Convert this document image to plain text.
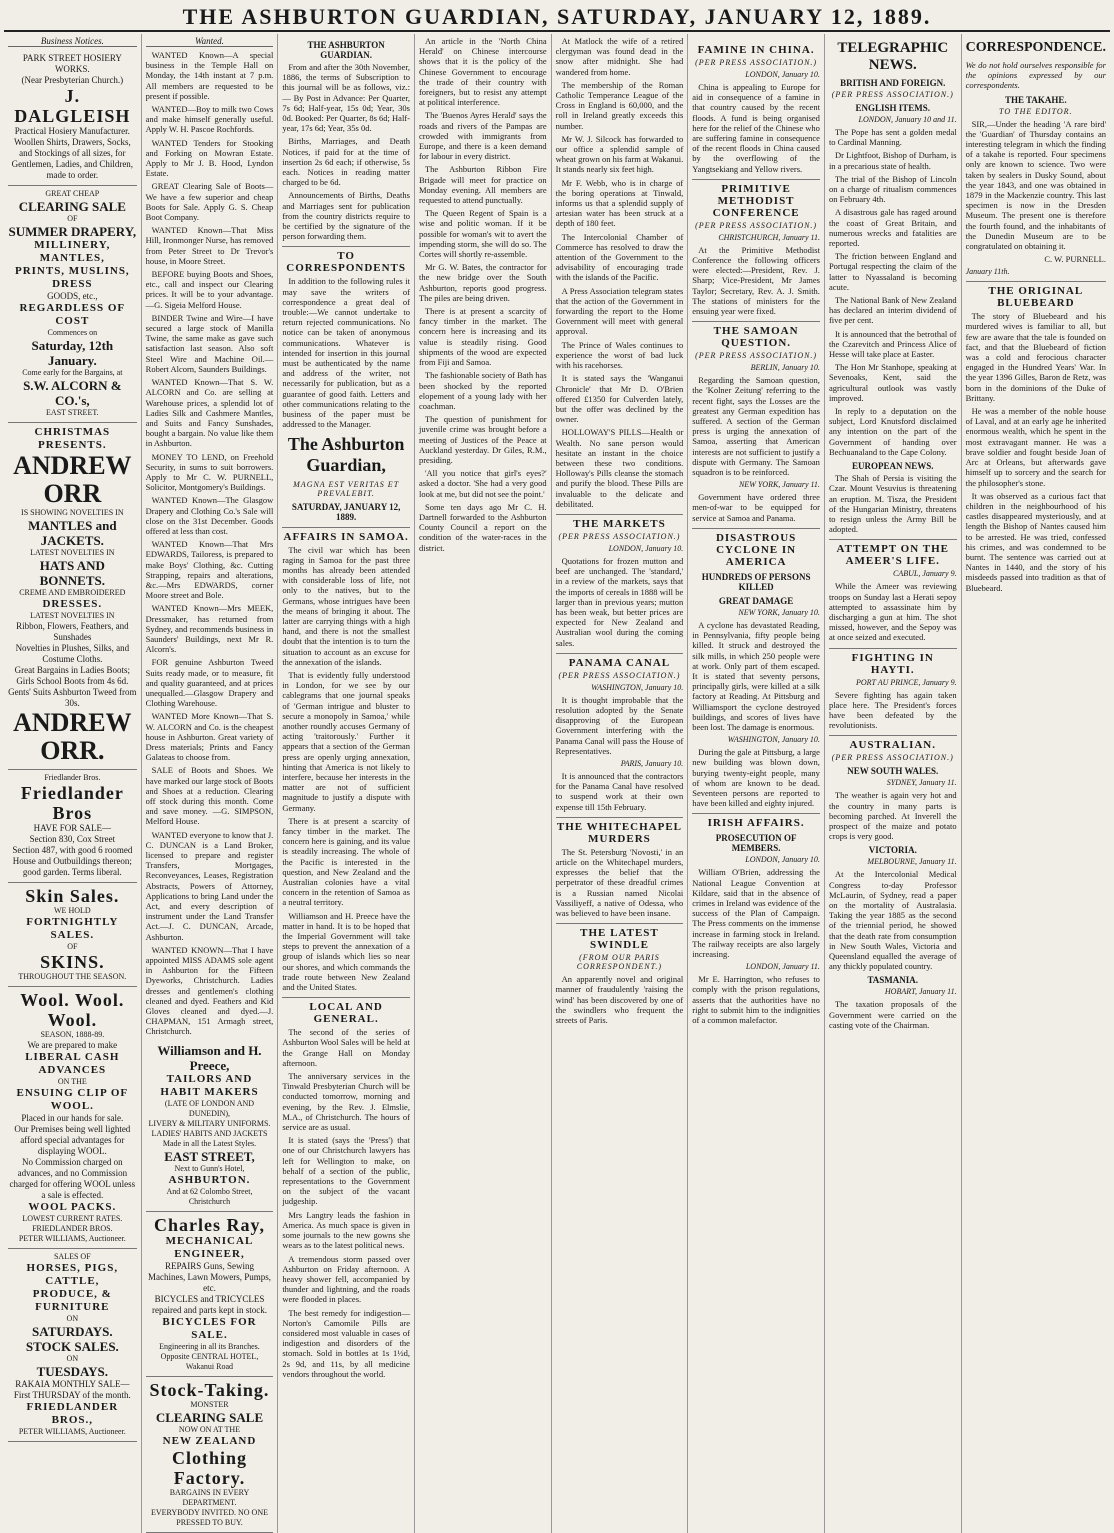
THE ASHBURTON GUARDIAN, SATURDAY, JANUARY 12, 1889.
Business Notices.
PARK STREET HOSIERY WORKS.
(Near Presbyterian Church.)
J. DALGLEISH
Practical Hosiery Manufacturer.
Woollen Shirts, Drawers, Socks, and Stockings of all sizes, for Gentlemen, Ladies, and Children, made to order.
GREAT CHEAP
CLEARING SALE
OF
SUMMER DRAPERY,
MILLINERY, MANTLES,
PRINTS, MUSLINS, DRESS
GOODS, etc.,
REGARDLESS OF COST
Commences on
Saturday, 12th January.
Come early for the Bargains, at
S.W. ALCORN & CO.'s,
EAST STREET.
CHRISTMAS PRESENTS.
ANDREW ORR
IS SHOWING NOVELTIES IN
MANTLES and JACKETS.
LATEST NOVELTIES IN
HATS AND BONNETS.
CREME AND EMBROIDERED
DRESSES.
LATEST NOVELTIES IN
Ribbon, Flowers, Feathers, and Sunshades
Novelties in Plushes, Silks, and Costume Cloths.
Great Bargains in Ladies Boots; Girls School Boots from 4s 6d.
Gents' Suits Ashburton Tweed from 30s.
ANDREW ORR.
Friedlander Bros.
Friedlander Bros
HAVE FOR SALE—
Section 830, Cox Street
Section 487, with good 6 roomed House and Outbuildings thereon; good garden. Terms liberal.
Skin Sales.
WE HOLD
FORTNIGHTLY SALES.
OF
SKINS.
THROUGHOUT THE SEASON.
Wool. Wool. Wool.
SEASON, 1888-89.
We are prepared to make
LIBERAL CASH ADVANCES
ON THE
ENSUING CLIP OF WOOL.
Placed in our hands for sale.
Our Premises being well lighted afford special advantages for displaying WOOL.
No Commission charged on advances, and no Commission charged for offering WOOL unless a sale is effected.
WOOL PACKS.
LOWEST CURRENT RATES.
FRIEDLANDER BROS.
PETER WILLIAMS, Auctioneer.
SALES OF
HORSES, PIGS, CATTLE,
PRODUCE, & FURNITURE
ON
SATURDAYS.
STOCK SALES.
ON
TUESDAYS.
RAKAIA MONTHLY SALE—First THURSDAY of the month.
FRIEDLANDER BROS.,
PETER WILLIAMS, Auctioneer.
Wanted.

WANTED Known—A special business in the Temple Hall on Monday, the 14th instant at 7 p.m. All members are requested to be present if possible.

WANTED—Boy to milk two Cows and make himself generally useful. Apply W. H. Pascoe Rochfords.

WANTED Tenders for Stooking and Forking on Mowran Estate. Apply to Mr J. B. Hood, Lyndon Estate.

GREAT Clearing Sale of Boots—We have a few superior and cheap Boots for Sale. Apply G. S. Cheap Boot Company.

WANTED Known—That Miss Hill, Ironmonger Nurse, has removed from Peter Street to Dr Trevor's house, in Moore Street.

BEFORE buying Boots and Shoes, etc., call and inspect our Clearing prices. It will be to your advantage.—G. Sigeia Melford House.

BINDER Twine and Wire—I have secured a large stock of Manilla Twine, the same make as gave such satisfaction last season. Also soft Steel Wire and Machine Oil.—Robert Alcorn, Saunders Buildings.

WANTED Known—That S. W. ALCORN and Co. are selling at Warehouse prices, a splendid lot of Ladies Silk and Cashmere Mantles, and Suits and Fancy Sunshades, bought a bargain. No value like them in Ashburton.

MONEY TO LEND, on Freehold Security, in sums to suit borrowers. Apply to Mr C. W. PURNELL, Solicitor, Montgomery's Buildings.

WANTED Known—The Glasgow Drapery and Clothing Co.'s Sale will close on the 31st December. Goods offered at less than cost.

WANTED Known—That Mrs EDWARDS, Tailoress, is prepared to make Boys' Clothing, &c. Cutting Strapping, repairs and alterations, &c.—Mrs EDWARDS, corner Moore street and Bole.

WANTED Known—Mrs MEEK, Dressmaker, has returned from Sydney, and recommends business in Saunders' Buildings, next Mr R. Alcorn's.

FOR genuine Ashburton Tweed Suits ready made, or to measure, fit and quality guaranteed, and at prices unequalled.—Glasgow Drapery and Clothing Warehouse.

WANTED More Known—That S. W. ALCORN and Co. is the cheapest house in Ashburton. Great variety of Dress materials; Prints and Fancy Galateas to choose from.

SALE of Boots and Shoes. We have marked our large stock of Boots and Shoes at a reduction. Clearing off stock during this month. Come and save money. —G. SIMPSON, Melford House.

WANTED everyone to know that J. C. DUNCAN is a Land Broker, licensed to prepare and register Transfers, Mortgages, Reconveyances, Leases, Registration Abstracts, Powers of Attorney, Applications to bring Land under the Act, and every description of instrument under the Land Transfer Act.—J. C. DUNCAN, Arcade, Ashburton.

WANTED KNOWN—That I have appointed MISS ADAMS sole agent in Ashburton for the Fifteen Dyeworks, Christchurch. Ladies dresses and gentlemen's clothing cleaned and dyed. Feathers and Kid Gloves cleaned and dyed.—J. CHAPMAN, 151 Armagh street, Christchurch.

Williamson and H. Preece,
TAILORS AND HABIT MAKERS
(LATE OF LONDON AND DUNEDIN),
LIVERY & MILITARY UNIFORMS.
LADIES' HABITS AND JACKETS
Made in all the Latest Styles.
EAST STREET,
Next to Gunn's Hotel,
ASHBURTON.
And at 62 Colombo Street, Christchurch
Charles Ray,
MECHANICAL ENGINEER,
REPAIRS Guns, Sewing Machines, Lawn Mowers, Pumps, etc.
BICYCLES and TRICYCLES repaired and parts kept in stock.
BICYCLES FOR SALE.
Engineering in all its Branches.
Opposite CENTRAL HOTEL, Wakanui Road
Stock-Taking.
MONSTER
CLEARING SALE
NOW ON AT THE
NEW ZEALAND
Clothing Factory.
BARGAINS IN EVERY
DEPARTMENT.
EVERYBODY INVITED. NO ONE PRESSED TO BUY.
THE ASHBURTON GUARDIAN.

From and after the 30th November, 1886, the terms of Subscription to this journal will be as follows, viz.:— By Post in Advance: Per Quarter, 7s 6d; Half-year, 15s 0d; Year, 30s 0d. Booked: Per Quarter, 8s 6d; Half-year, 17s 6d; Year, 35s 0d.

Births, Marriages, and Death Notices, if paid for at the time of insertion 2s 6d each; if otherwise, 5s each. Notices in reading matter charged to be 6d.

Announcements of Births, Deaths and Marriages sent for publication from the country districts require to be certified by the signature of the person forwarding them.

TO CORRESPONDENTS

In addition to the following rules it may save the writers of correspondence a great deal of trouble:—We cannot undertake to return rejected communications. No notice can be taken of anonymous communications. Whatever is intended for insertion in this journal must be authenticated by the name and address of the writer, not necessarily for publication, but as a guarantee of good faith. Letters and other communications relating to the business of the paper must be addressed to the Manager.

The Ashburton Guardian,
MAGNA EST VERITAS ET PREVALEBIT.
SATURDAY, JANUARY 12, 1889.
AFFAIRS IN SAMOA.

The civil war which has been raging in Samoa for the past three months has already been attended with considerable loss of life, not only to the natives, but to the Germans, whose intrigues have been the means of bringing it about. The latter are carrying things with a high hand, and there is not the smallest doubt that the intention is to turn the situation to account as an excuse for the annexation of the islands.

That is evidently fully understood in London, for we see by our cablegrams that one journal speaks of 'German intrigue and bluster to secure a monopoly in Samoa,' while another roundly accuses Germany of acting 'traitorously.' Further it appears that a section of the German press are openly urging annexation, hinting that America is not likely to interfere, because her interests in the matter are not of sufficient magnitude to justify a dispute with Germany.

There is at present a scarcity of fancy timber in the market. The concern here is gaining, and its value is steadily increasing. The whole of the Pacific is interested in the question, and New Zealand and the Australian colonies have a vital concern in the retention of Samoa as a neutral territory.

Williamson and H. Preece have the matter in hand. It is to be hoped that the Imperial Government will take steps to prevent the annexation of a group of islands which lies so near our shores, and which commands the trade route between New Zealand and the United States.

LOCAL AND GENERAL.

The second of the series of Ashburton Wool Sales will be held at the Grange Hall on Monday afternoon.

The anniversary services in the Tinwald Presbyterian Church will be conducted tomorrow, morning and evening, by the Rev. J. Elmslie, M.A., of Christchurch. The hours of service are as usual.

It is stated (says the 'Press') that one of our Christchurch lawyers has left for Wellington to make, on behalf of a section of the public, representations to the Government on the subject of the vacant judgeship.

Mrs Langtry leads the fashion in America. As much space is given in some journals to the new gowns she wears as to the latest political news.

A tremendous storm passed over Ashburton on Friday afternoon. A heavy shower fell, accompanied by thunder and lightning, and the roads were flooded in places.

The best remedy for indigestion—Norton's Camomile Pills are considered most valuable in cases of indigestion and disorders of the stomach. Sold in bottles at 1s 1½d, 2s 9d, and 11s, by all medicine vendors throughout the world.

An article in the 'North China Herald' on Chinese intercourse shows that it is the policy of the Chinese Government to encourage the trade of their country with foreigners, but to resist any attempt at political interference.

The 'Buenos Ayres Herald' says the roads and rivers of the Pampas are crowded with immigrants from Europe, and there is a keen demand for labour in every district.

The Ashburton Ribbon Fire Brigade will meet for practice on Monday evening. All members are requested to attend punctually.

The Queen Regent of Spain is a wise and politic woman. If it be possible for woman's wit to avert the impending storm, she will do so. The Cortes will shortly re-assemble.

Mr G. W. Bates, the contractor for the new bridge over the South Ashburton, reports good progress. The piles are being driven.

There is at present a scarcity of fancy timber in the market. The concern here is increasing and its value is steadily rising. Good shipments of the wood are expected from Fiji and Samoa.

The fashionable society of Bath has been shocked by the reported elopement of a young lady with her coachman.

The question of punishment for juvenile crime was brought before a meeting of Justices of the Peace at Auckland yesterday. Dr Giles, R.M., presiding.

'All you notice that girl's eyes?' asked a doctor. 'She had a very good look at me, but did not see the point.'

Some ten days ago Mr C. H. Dartnell forwarded to the Ashburton County Council a report on the condition of the water-races in the district.

At Matlock the wife of a retired clergyman was found dead in the snow after midnight. She had wandered from home.

The membership of the Roman Catholic Temperance League of the Cross in England is 60,000, and the roll in Ireland greatly exceeds this number.

Mr W. J. Silcock has forwarded to our office a splendid sample of wheat grown on his farm at Wakanui. It stands nearly six feet high.

Mr F. Webb, who is in charge of the boring operations at Tinwald, informs us that a splendid supply of artesian water has been struck at a depth of 180 feet.

The Intercolonial Chamber of Commerce has resolved to draw the attention of the Government to the advisability of encouraging trade with the islands of the Pacific.

A Press Association telegram states that the action of the Government in forwarding the report to the Home Government will meet with general approval.

The Prince of Wales continues to experience the worst of bad luck with his racehorses.

It is stated says the 'Wanganui Chronicle' that Mr D. O'Brien offered £1350 for Culverden lately, but the offer was declined by the owner.

HOLLOWAY'S PILLS—Health or Wealth. No sane person would hesitate an instant in the choice between these two conditions. Holloway's Pills cleanse the stomach and purify the blood. These Pills are invaluable to the delicate and debilitated.

THE MARKETS
(PER PRESS ASSOCIATION.)
LONDON, January 10.

Quotations for frozen mutton and beef are unchanged. The 'standard,' in a review of the markets, says that the imports of cereals in 1888 will be larger than in previous years; mutton has been weak, but better prices are expected for New Zealand and Australian wool during the coming sales.

PANAMA CANAL
(PER PRESS ASSOCIATION.)
WASHINGTON, January 10.

It is thought improbable that the resolution adopted by the Senate disapproving of the European Government interfering with the Panama Canal will pass the House of Representatives.

PARIS, January 10.

It is announced that the contractors for the Panama Canal have resolved to suspend work at their own expense till 15th February.

THE WHITECHAPEL MURDERS

The St. Petersburg 'Novosti,' in an article on the Whitechapel murders, expresses the belief that the perpetrator of these dreadful crimes is a Russian named Nicolai Vassiliyeff, a native of Odessa, who was believed to have been insane.

THE LATEST SWINDLE
(FROM OUR PARIS CORRESPONDENT.)

An apparently novel and original manner of fraudulently 'raising the wind' has been discovered by one of the swindlers who frequent the streets of Paris.

FAMINE IN CHINA.
(PER PRESS ASSOCIATION.)
LONDON, January 10.

China is appealing to Europe for aid in consequence of a famine in that country caused by the recent floods. A fund is being organised here for the relief of the Chinese who are suffering famine in consequence of the recent floods in China caused by the overflowing of the Yangtsekiang and Yellow rivers.

PRIMITIVE METHODIST CONFERENCE
(PER PRESS ASSOCIATION.)
CHRISTCHURCH, January 11.

At the Primitive Methodist Conference the following officers were elected:—President, Rev. J. Sharp; Vice-President, Mr James Taylor; Secretary, Rev. A. J. Smith. The stations of ministers for the ensuing year were fixed.

THE SAMOAN QUESTION.
(PER PRESS ASSOCIATION.)
BERLIN, January 10.

Regarding the Samoan question, the 'Kolner Zeitung' referring to the recent fight, says the Losses are the greatest any German expedition has suffered. A section of the German press is urging the annexation of Samoa, asserting that American interests are not sufficient to justify a dispute with Germany. The Samoan squadron is to be reinforced.

NEW YORK, January 11.

Government have ordered three men-of-war to be equipped for service at Samoa and Panama.

DISASTROUS CYCLONE IN AMERICA
HUNDREDS OF PERSONS KILLED
GREAT DAMAGE
NEW YORK, January 10.

A cyclone has devastated Reading, in Pennsylvania, fifty people being killed. It struck and destroyed the silk mills, in which 250 people were at work. Only part of them escaped. It is stated that seventy persons, principally girls, were killed at a silk factory at Reading. At Pittsburg and Williamsport the cyclone destroyed buildings, and scores of lives have been lost. The damage is enormous.

WASHINGTON, January 10.

During the gale at Pittsburg, a large new building was blown down, burying twenty-eight people, many of whom are known to be dead. Seventeen persons are reported to have been killed and eighty injured.

IRISH AFFAIRS.
PROSECUTION OF MEMBERS.
LONDON, January 10.

William O'Brien, addressing the National League Convention at Kildare, said that in the absence of crimes in Ireland was evidence of the success of the Plan of Campaign. The Press comments on the immense increase in farming stock in Ireland. The railway receipts are also largely increasing.

LONDON, January 11.

Mr E. Harrington, who refuses to comply with the prison regulations, asserts that the authorities have no right to submit him to the indignities of a common malefactor.

TELEGRAPHIC NEWS.
BRITISH AND FOREIGN.
(PER PRESS ASSOCIATION.)
ENGLISH ITEMS.
LONDON, January 10 and 11.

The Pope has sent a golden medal to Cardinal Manning.

Dr Lightfoot, Bishop of Durham, is in a precarious state of health.

The trial of the Bishop of Lincoln on a charge of ritualism commences on February 4th.

A disastrous gale has raged around the coast of Great Britain, and numerous wrecks and fatalities are reported.

The friction between England and Portugal respecting the claim of the latter to Nyassaland is becoming acute.

The National Bank of New Zealand has declared an interim dividend of five per cent.

It is announced that the betrothal of the Czarevitch and Princess Alice of Hesse will take place at Easter.

The Hon Mr Stanhope, speaking at Sevenoaks, Kent, said the agricultural outlook was vastly improved.

In reply to a deputation on the subject, Lord Knutsford disclaimed any intention on the part of the Government of handing over Bechuanaland to the Cape Colony.

EUROPEAN NEWS.

The Shah of Persia is visiting the Czar. Mount Vesuvius is threatening an eruption. M. Tisza, the President of the Hungarian Ministry, threatens to resign unless the Army Bill be adopted.

ATTEMPT ON THE AMEER'S LIFE.
CABUL, January 9.

While the Ameer was reviewing troops on Sunday last a Herati sepoy attempted to assassinate him by discharging a gun at him. The shot missed, however, and the Sepoy was at once seized and executed.

FIGHTING IN HAYTI.
PORT AU PRINCE, January 9.

Severe fighting has again taken place here. The President's forces have been defeated by the revolutionists.

AUSTRALIAN.
(PER PRESS ASSOCIATION.)
NEW SOUTH WALES.
SYDNEY, January 11.

The weather is again very hot and the country in many parts is becoming parched. At Inverell the prospect of the maize and potato crops is very good.

VICTORIA.
MELBOURNE, January 11.

At the Intercolonial Medical Congress to-day Professor McLaurin, of Sydney, read a paper on the mortality of Australasia. Taking the year 1885 as the second of the triennial period, he showed that the death rate from consumption in New South Wales, Victoria and Queensland equalled the average of any thickly populated country.

TASMANIA.
HOBART, January 11.

The taxation proposals of the Government were carried on the casting vote of the Chairman.

CORRESPONDENCE.

We do not hold ourselves responsible for the opinions expressed by our correspondents.

THE TAKAHE.
TO THE EDITOR.

SIR,—Under the heading 'A rare bird' the 'Guardian' of Thursday contains an interesting telegram in which the finding of a takahe is reported. Four specimens only are known to science. Two were taken by sealers in Dusky Sound, about the year 1843, and one was obtained in 1879 in the Mackenzie country. This last specimen is now in the Dresden Museum. The present one is therefore the fourth found, and the inhabitants of the Dunedin Museum are to be congratulated on obtaining it.

C. W. PURNELL.
January 11th.
THE ORIGINAL BLUEBEARD

The story of Bluebeard and his murdered wives is familiar to all, but few are aware that the tale is founded on fact, and that the Bluebeard of fiction was a cold and ferocious character engaged in the Hundred Years' War. In the year 1396 Gilles, Baron de Retz, was born in the dominions of the Duke of Brittany.

He was a member of the noble house of Laval, and at an early age he inherited enormous wealth, which he spent in the most extravagant manner. He was a brave soldier and fought beside Joan of Arc at Orleans, but afterwards gave himself up to sorcery and the search for the philosopher's stone.

It was observed as a curious fact that children in the neighbourhood of his castles disappeared mysteriously, and at length the Bishop of Nantes caused him to be arrested. He was tried, confessed his crimes, and was condemned to be burnt. The sentence was carried out at Nantes in 1440, and the story of his misdeeds passed into tradition as that of Bluebeard.
